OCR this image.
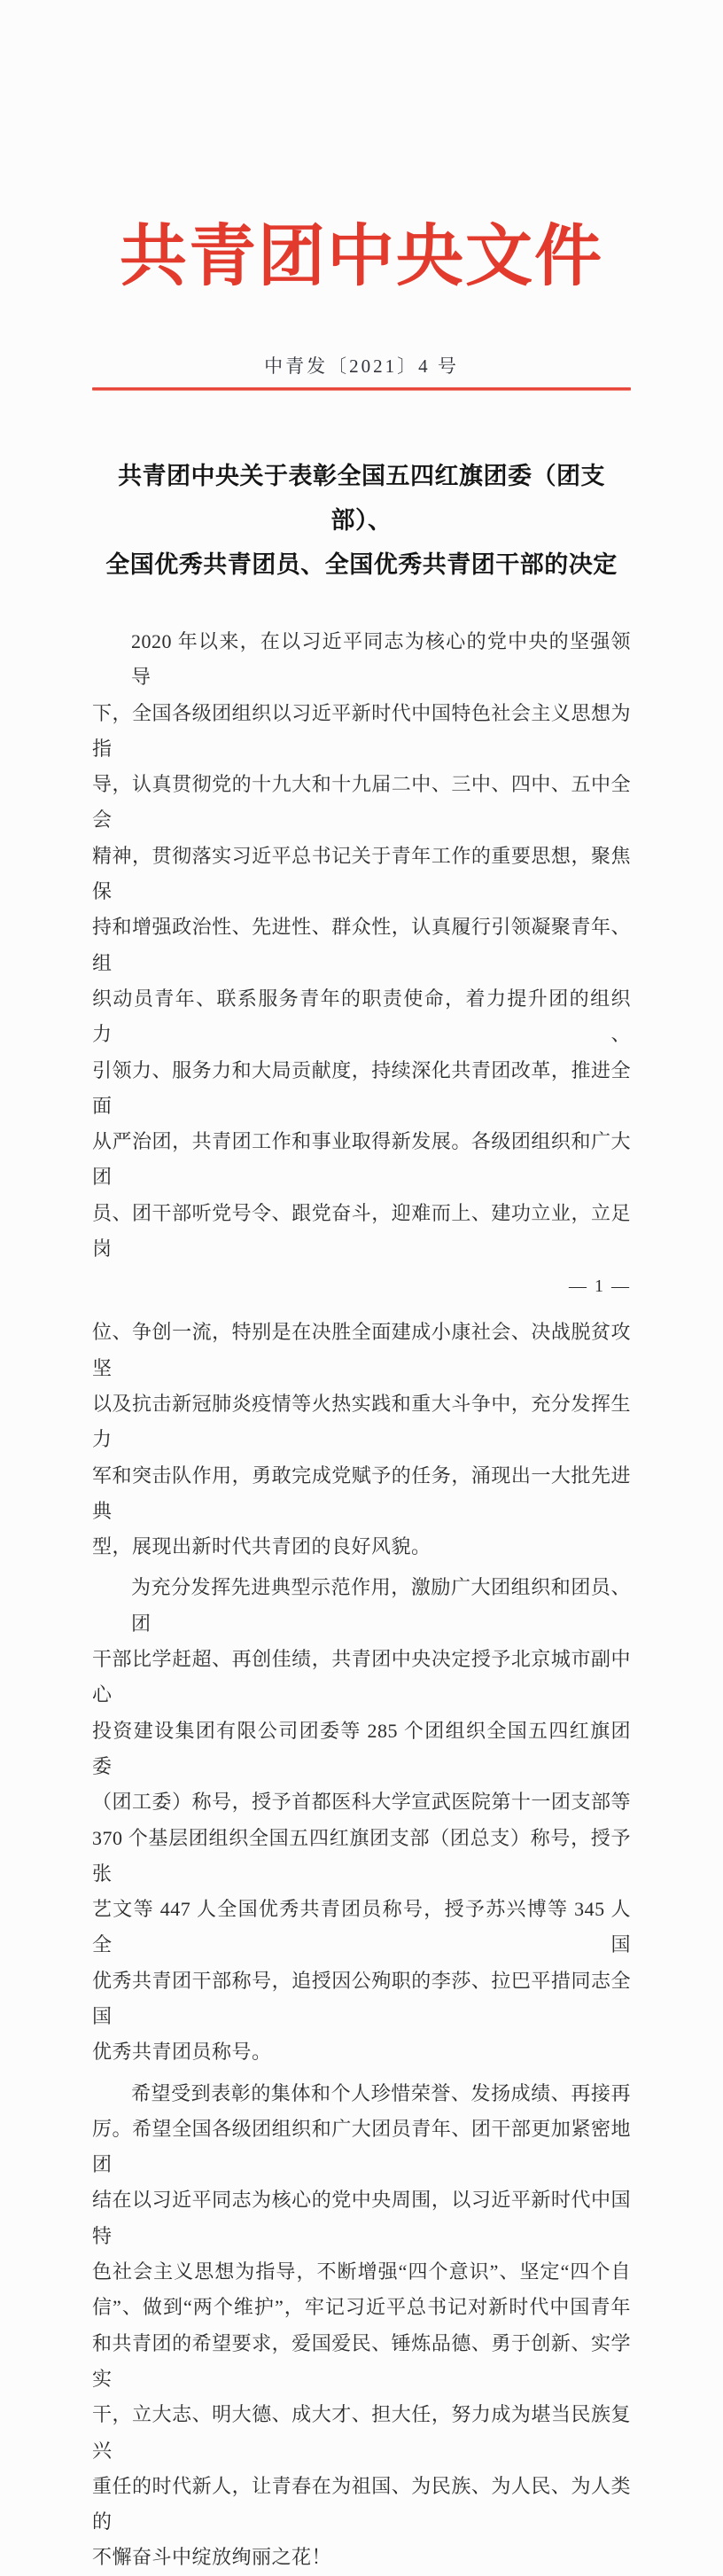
共青团中央文件
中青发〔2021〕4 号
共青团中央关于表彰全国五四红旗团委（团支部）、
全国优秀共青团员、全国优秀共青团干部的决定
2020 年以来，在以习近平同志为核心的党中央的坚强领导
下，全国各级团组织以习近平新时代中国特色社会主义思想为指
导，认真贯彻党的十九大和十九届二中、三中、四中、五中全会
精神，贯彻落实习近平总书记关于青年工作的重要思想，聚焦保
持和增强政治性、先进性、群众性，认真履行引领凝聚青年、组
织动员青年、联系服务青年的职责使命，着力提升团的组织力、
引领力、服务力和大局贡献度，持续深化共青团改革，推进全面
从严治团，共青团工作和事业取得新发展。各级团组织和广大团
员、团干部听党号令、跟党奋斗，迎难而上、建功立业，立足岗
— 1 —
位、争创一流，特别是在决胜全面建成小康社会、决战脱贫攻坚
以及抗击新冠肺炎疫情等火热实践和重大斗争中，充分发挥生力
军和突击队作用，勇敢完成党赋予的任务，涌现出一大批先进典
型，展现出新时代共青团的良好风貌。
为充分发挥先进典型示范作用，激励广大团组织和团员、团
干部比学赶超、再创佳绩，共青团中央决定授予北京城市副中心
投资建设集团有限公司团委等 285 个团组织全国五四红旗团委
（团工委）称号，授予首都医科大学宣武医院第十一团支部等
370 个基层团组织全国五四红旗团支部（团总支）称号，授予张
艺文等 447 人全国优秀共青团员称号，授予苏兴博等 345 人全国
优秀共青团干部称号，追授因公殉职的李莎、拉巴平措同志全国
优秀共青团员称号。
希望受到表彰的集体和个人珍惜荣誉、发扬成绩、再接再
厉。希望全国各级团组织和广大团员青年、团干部更加紧密地团
结在以习近平同志为核心的党中央周围，以习近平新时代中国特
色社会主义思想为指导，不断增强“四个意识”、坚定“四个自
信”、做到“两个维护”，牢记习近平总书记对新时代中国青年
和共青团的希望要求，爱国爱民、锤炼品德、勇于创新、实学实
干，立大志、明大德、成大才、担大任，努力成为堪当民族复兴
重任的时代新人，让青春在为祖国、为民族、为人民、为人类的
不懈奋斗中绽放绚丽之花！
